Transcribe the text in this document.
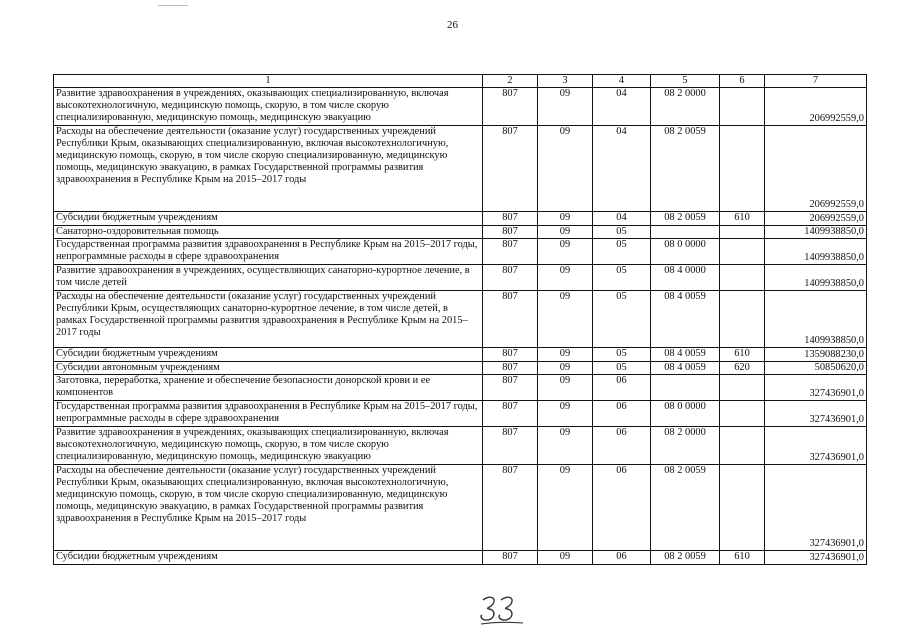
26
1	2	3	4	5	6	7
Развитие здравоохранения в учреждениях, оказывающих специализированную, включая высокотехнологичную, медицинскую помощь, скорую, в том числе скорую специализированную, медицинскую помощь, медицинскую эвакуацию	807	09	04	08 2 0000		206992559,0
Расходы на обеспечение деятельности (оказание услуг) государственных учреждений Республики Крым, оказывающих специализированную, включая высокотехнологичную, медицинскую помощь, скорую, в том числе скорую специализированную, медицинскую помощь, медицинскую эвакуацию, в рамках Государственной программы развития здравоохранения в Республике Крым на 2015–2017 годы	807	09	04	08 2 0059		206992559,0
Субсидии бюджетным учреждениям	807	09	04	08 2 0059	610	206992559,0
Санаторно-оздоровительная помощь	807	09	05			1409938850,0
Государственная программа развития здравоохранения в Республике Крым на 2015–2017 годы, непрограммные расходы в сфере здравоохранения	807	09	05	08 0 0000		1409938850,0
Развитие здравоохранения в учреждениях, осуществляющих санаторно-курортное лечение, в том числе детей	807	09	05	08 4 0000		1409938850,0
Расходы на обеспечение деятельности (оказание услуг) государственных учреждений Республики Крым, осуществляющих санаторно-курортное лечение, в том числе детей, в рамках Государственной программы развития здравоохранения в Республике Крым на 2015–2017 годы	807	09	05	08 4 0059		1409938850,0
Субсидии бюджетным учреждениям	807	09	05	08 4 0059	610	1359088230,0
Субсидии автономным учреждениям	807	09	05	08 4 0059	620	50850620,0
Заготовка, переработка, хранение и обеспечение безопасности донорской крови и ее компонентов	807	09	06			327436901,0
Государственная программа развития здравоохранения в Республике Крым на 2015–2017 годы, непрограммные расходы в сфере здравоохранения	807	09	06	08 0 0000		327436901,0
Развитие здравоохранения в учреждениях, оказывающих специализированную, включая высокотехнологичную, медицинскую помощь, скорую, в том числе скорую специализированную, медицинскую помощь, медицинскую эвакуацию	807	09	06	08 2 0000		327436901,0
Расходы на обеспечение деятельности (оказание услуг) государственных учреждений Республики Крым, оказывающих специализированную, включая высокотехнологичную, медицинскую помощь, скорую, в том числе скорую специализированную, медицинскую помощь, медицинскую эвакуацию, в рамках Государственной программы развития здравоохранения в Республике Крым на 2015–2017 годы	807	09	06	08 2 0059		327436901,0
Субсидии бюджетным учреждениям	807	09	06	08 2 0059	610	327436901,0
